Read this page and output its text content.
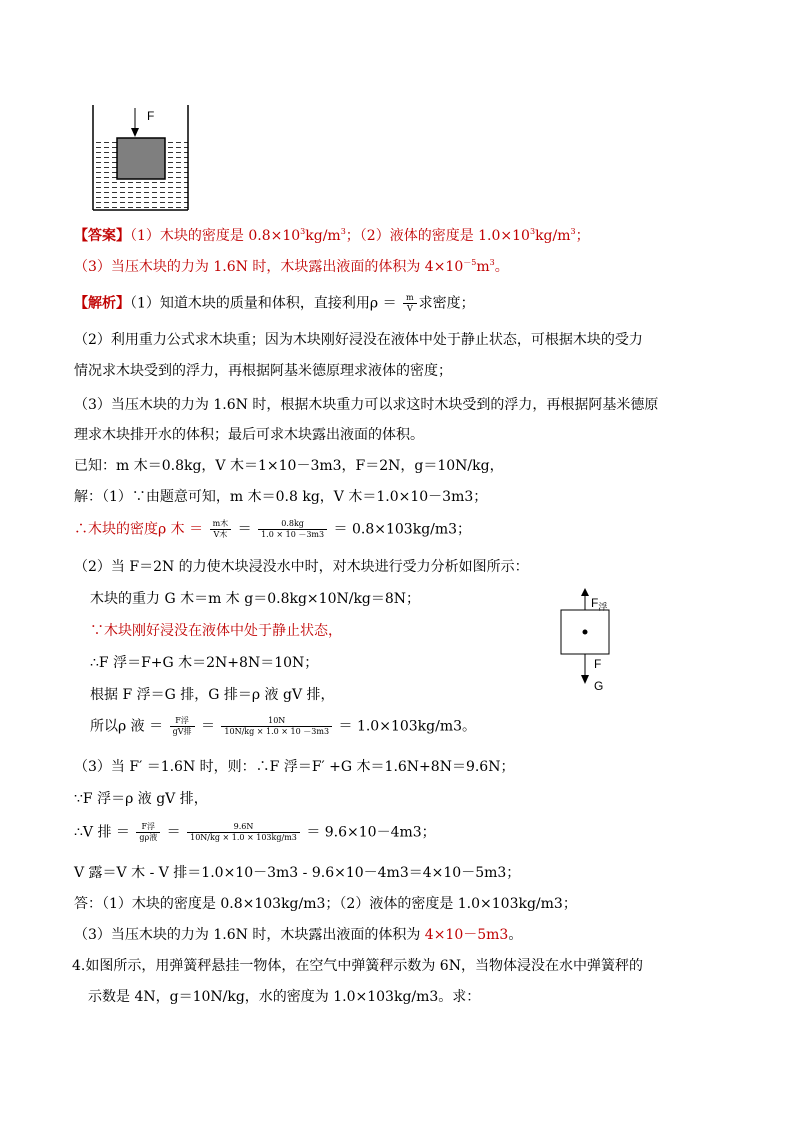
F
【答案】（1）木块的密度是 $0.8\times 10^3kg/m^3$；（2）液体的密度是 $1.0\times 10^3kg/m^3$；
（3）当压木块的力为 1.6N 时，木块露出液面的体积为 $4\times 10^{-5}m^3$。
【解析】（1）知道木块的质量和体积，直接利用$\rho = \frac{m}{V}$ 求密度；
（2）利用重力公式求木块重；因为木块刚好浸没在液体中处于静止状态，可根据木块的受力
情况求木块受到的浮力，再根据阿基米德原理求液体的密度；
（3）当压木块的力为 1.6N 时，根据木块重力可以求这时木块受到的浮力，再根据阿基米德原
理求木块排开水的体积；最后可求木块露出液面的体积。
已知：m 木＝0.8kg，V 木＝1×10－3m3，F＝2N，g＝10N/kg，
解：（1）∵由题意可知，m 木＝0.8 kg，V 木＝1.0×10－3m3；
∴木块的密度ρ 木 ＝ $\frac{\text{m木}}{\text{V木}} = \frac{0.8kg}{1.0 \times 10 -3m3} = 0.8\times 103kg/m3$；
（2）当 F＝2N 的力使木块浸没水中时，对木块进行受力分析如图所示：
木块的重力 G 木＝m 木 g＝0.8kg×10N/kg＝8N；
∵木块刚好浸没在液体中处于静止状态，
∴F 浮＝F+G 木＝2N+8N＝10N；
根据 F 浮＝G 排，G 排＝ρ 液 gV 排，
所以ρ 液 ＝ $\frac{\text{F浮}}{\text{gV排}} = \frac{10N}{10N/kg \times 1.0 \times 10 -3m3} = 1.0\times 103kg/m3$。
$F_浮$
F
G
（3）当 F′ ＝1.6N 时，则：∴F 浮＝F′ +G 木＝1.6N+8N＝9.6N；
∵F 浮＝ρ 液 gV 排，
∴V 排 ＝ $\frac{\text{F浮}}{\text{gρ液}} = \frac{9.6N}{10N/kg \times 1.0 \times 103kg/m3} = 9.6\times 10-4m3$；
V 露＝V 木 - V 排＝1.0×10－3m3 - 9.6×10－4m3＝4×10－5m3；
答：（1）木块的密度是 0.8×103kg/m3；（2）液体的密度是 1.0×103kg/m3；
（3）当压木块的力为 1.6N 时，木块露出液面的体积为 4×10－5m3。
4.如图所示，用弹簧秤悬挂一物体，在空气中弹簧秤示数为 6N，当物体浸没在水中弹簧秤的
示数是 4N，g＝10N/kg，水的密度为 1.0×103kg/m3。求：
